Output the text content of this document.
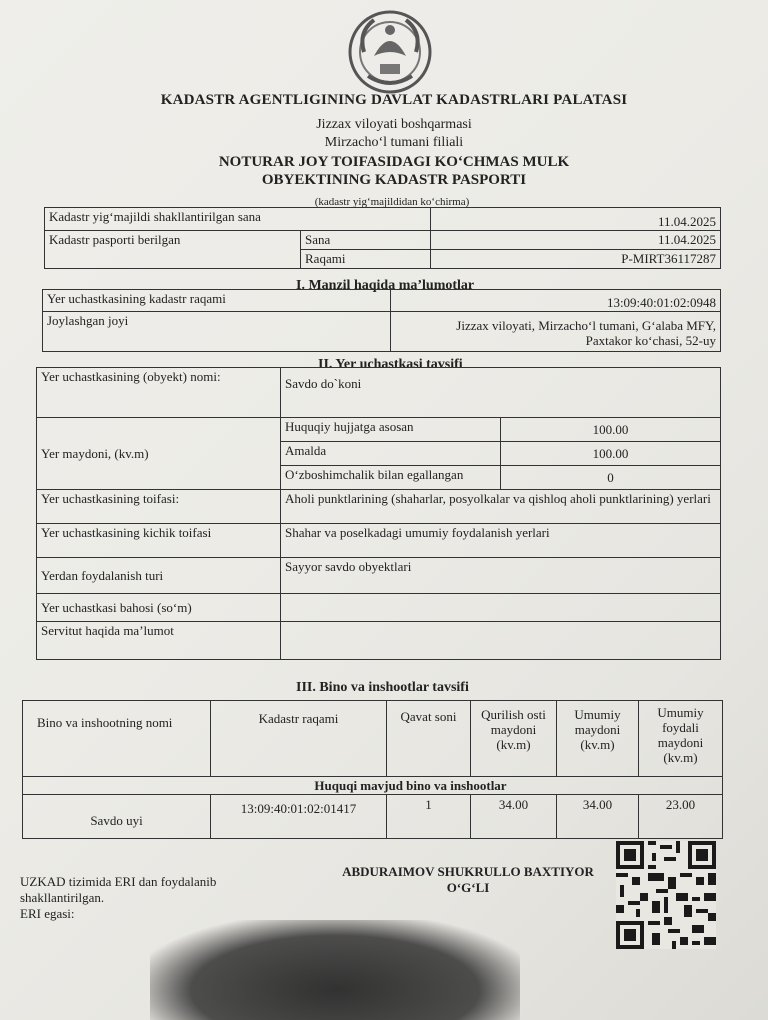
KADASTR AGENTLIGINING DAVLAT KADASTRLARI PALATASI
Jizzax viloyati boshqarmasi
Mirzacho‘l tumani filiali
NOTURAR JOY TOIFASIDAGI KO‘CHMAS MULK
OBYEKTINING KADASTR PASPORTI
(kadastr yig‘majildidan ko‘chirma)
Kadastr yig‘majildi shakllantirilgan sana		11.04.2025
Kadastr pasporti berilgan	Sana	11.04.2025
	Raqami	P-MIRT36117287
I. Manzil haqida ma’lumotlar
Yer uchastkasining kadastr raqami	13:09:40:01:02:0948
Joylashgan joyi	Jizzax viloyati, Mirzacho‘l tumani, G‘alaba MFY,
Paxtakor ko‘chasi, 52-uy
II. Yer uchastkasi tavsifi
Yer uchastkasining (obyekt) nomi:	Savdo do`koni	
Yer maydoni, (kv.m)	Huquqiy hujjatga asosan	100.00
	Amalda	100.00
	O‘zboshimchalik bilan egallangan	0
Yer uchastkasining toifasi:	Aholi punktlarining (shaharlar, posyolkalar va qishloq aholi punktlarining) yerlari	
Yer uchastkasining kichik toifasi	Shahar va poselkadagi umumiy foydalanish yerlari	
Yerdan foydalanish turi	Sayyor savdo obyektlari	
Yer uchastkasi bahosi (so‘m)		
Servitut haqida ma’lumot		
III. Bino va inshootlar tavsifi
Bino va inshootning nomi	Kadastr raqami	Qavat soni	Qurilish osti maydoni (kv.m)	Umumiy maydoni (kv.m)	Umumiy foydali maydoni (kv.m)
Huquqi mavjud bino va inshootlar					
Savdo uyi	13:09:40:01:02:01417	1	34.00	34.00	23.00
UZKAD tizimida ERI dan foydalanib
shakllantirilgan.
ERI egasi:
ABDURAIMOV SHUKRULLO BAXTIYOR
O‘G‘LI
